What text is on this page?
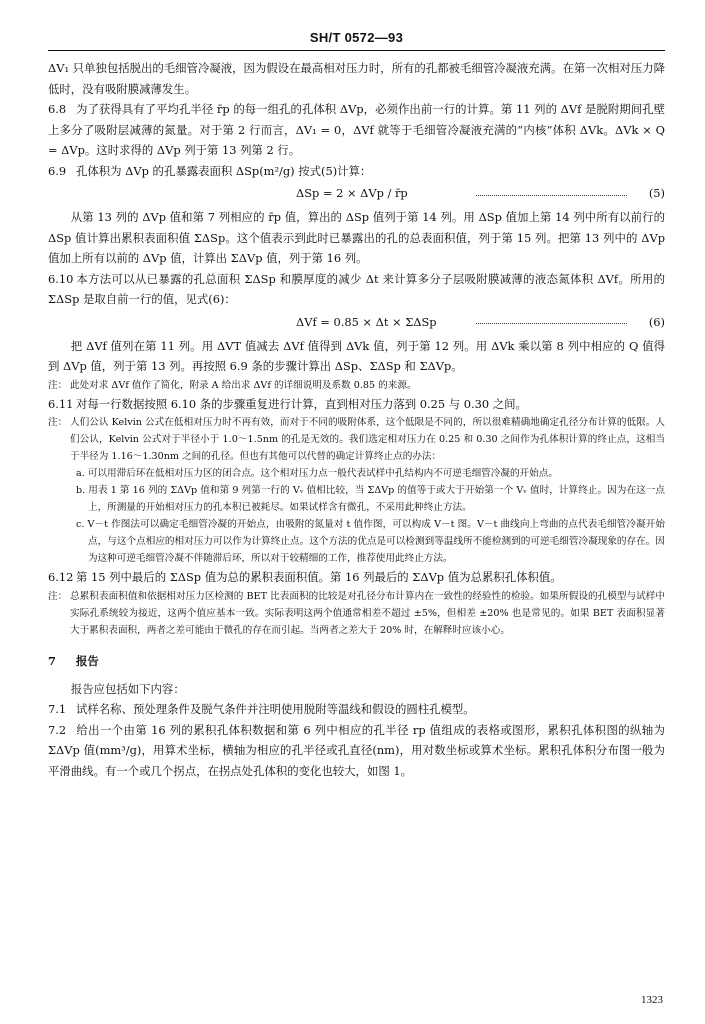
SH/T 0572—93

ΔV₁ 只单独包括脱出的毛细管冷凝液，因为假设在最高相对压力时，所有的孔都被毛细管冷凝液充满。在第一次相对压力降低时，没有吸附膜减薄发生。

6.8 为了获得具有了平均孔半径 r̄p 的每一组孔的孔体积 ΔVp，必须作出前一行的计算。第 11 列的 ΔVf 是脱附期间孔壁上多分了吸附层减薄的氮量。对于第 2 行而言，ΔV₁ = 0，ΔVf 就等于毛细管冷凝液充满的“内核”体积 ΔVk。ΔVk × Q = ΔVp。这时求得的 ΔVp 列于第 13 列第 2 行。

6.9 孔体积为 ΔVp 的孔暴露表面积 ΔSp(m²/g) 按式(5)计算：

ΔSp = 2 × ΔVp / r̄p	(5)

从第 13 列的 ΔVp 值和第 7 列相应的 r̄p 值，算出的 ΔSp 值列于第 14 列。用 ΔSp 值加上第 14 列中所有以前行的 ΔSp 值计算出累积表面积值 ΣΔSp。这个值表示到此时已暴露出的孔的总表面积值，列于第 15 列。把第 13 列中的 ΔVp 值加上所有以前的 ΔVp 值，计算出 ΣΔVp 值，列于第 16 列。

6.10 本方法可以从已暴露的孔总面积 ΣΔSp 和膜厚度的减少 Δt 来计算多分子层吸附膜减薄的液态氮体积 ΔVf。所用的 ΣΔSp 是取自前一行的值，见式(6)：

ΔVf = 0.85 × Δt × ΣΔSp	(6)

把 ΔVf 值列在第 11 列。用 ΔVT 值减去 ΔVf 值得到 ΔVk 值，列于第 12 列。用 ΔVk 乘以第 8 列中相应的 Q 值得到 ΔVp 值，列于第 13 列。再按照 6.9 条的步骤计算出 ΔSp、ΣΔSp 和 ΣΔVp。

注： 此处对求 ΔVf 值作了简化，附录 A 给出求 ΔVf 的详细说明及系数 0.85 的来源。

6.11 对每一行数据按照 6.10 条的步骤重复进行计算，直到相对压力落到 0.25 与 0.30 之间。

注： 人们公认 Kelvin 公式在低相对压力时不再有效，而对于不同的吸附体系，这个低限是不同的，所以很难精确地确定孔径分布计算的低限。人们公认，Kelvin 公式对于半径小于 1.0～1.5nm 的孔是无效的。我们选定相对压力在 0.25 和 0.30 之间作为孔体积计算的终止点，这相当于半径为 1.16～1.30nm 之间的孔径。但也有其他可以代替的确定计算终止点的办法：

a. 可以用滞后环在低相对压力区的闭合点。这个相对压力点一般代表试样中孔结构内不可逆毛细管冷凝的开始点。

b. 用表 1 第 16 列的 ΣΔVp 值和第 9 列第一行的 Vᵥ 值相比较，当 ΣΔVp 的值等于或大于开始第一个 Vᵥ 值时，计算终止。因为在这一点上，所测量的开始相对压力的孔本积已被耗尽。如果试样含有微孔，不采用此种终止方法。

c. V－t 作图法可以确定毛细管冷凝的开始点，由吸附的氮量对 t 值作图，可以构成 V－t 图。V－t 曲线向上弯曲的点代表毛细管冷凝开始点，与这个点相应的相对压力可以作为计算终止点。这个方法的优点是可以检测到等温线所不能检测到的可逆毛细管冷凝现象的存在。因为这种可逆毛细管冷凝不伴随滞后环，所以对于较精细的工作，推荐使用此终止方法。

6.12 第 15 列中最后的 ΣΔSp 值为总的累积表面积值。第 16 列最后的 ΣΔVp 值为总累积孔体积值。

注： 总累积表面积值和依据相对压力区检测的 BET 比表面积的比较是对孔径分布计算内在一致性的经验性的检验。如果所假设的孔模型与试样中实际孔系统较为接近，这两个值应基本一致。实际表明这两个值通常相差不超过 ±5%，但相差 ±20% 也是常见的。如果 BET 表面积显著大于累积表面积，两者之差可能由于微孔的存在而引起。当两者之差大于 20% 时，在解释时应该小心。

7 报告

报告应包括如下内容：

7.1 试样名称、预处理条件及脱气条件并注明使用脱附等温线和假设的圆柱孔模型。

7.2 给出一个由第 16 列的累积孔体积数据和第 6 列中相应的孔半径 rp 值组成的表格或图形，累积孔体积图的纵轴为 ΣΔVp 值(mm³/g)，用算术坐标，横轴为相应的孔半径或孔直径(nm)，用对数坐标或算术坐标。累积孔体积分布图一般为平滑曲线。有一个或几个拐点，在拐点处孔体积的变化也较大，如图 1。

1323
